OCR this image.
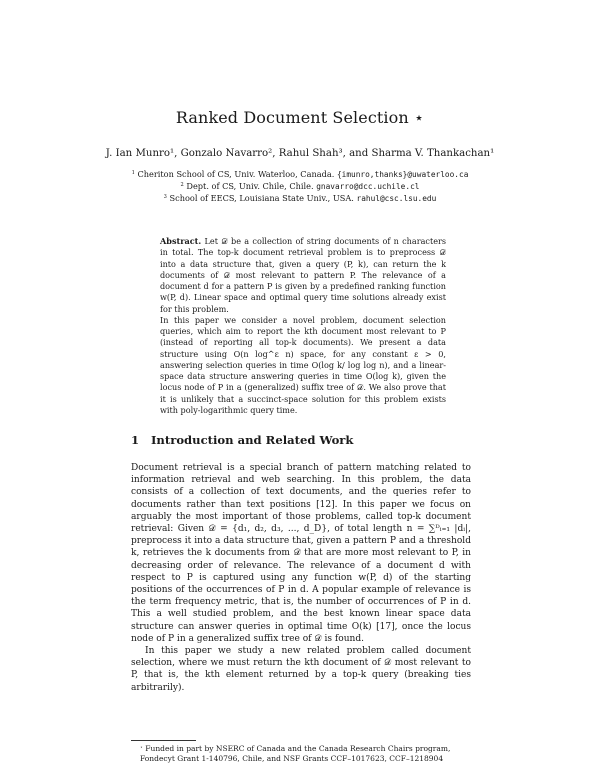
Ranked Document Selection ⋆
J. Ian Munro¹, Gonzalo Navarro², Rahul Shah³, and Sharma V. Thankachan¹
$^1$ Cheriton School of CS, Univ. Waterloo, Canada. {imunro,thanks}@uwaterloo.ca
$^2$ Dept. of CS, Univ. Chile, Chile. gnavarro@dcc.uchile.cl
$^3$ School of EECS, Louisiana State Univ., USA. rahul@csc.lsu.edu

Abstract. Let 𝒟 be a collection of string documents of n characters in total. The top-k document retrieval problem is to preprocess 𝒟 into a data structure that, given a query (P, k), can return the k documents of 𝒟 most relevant to pattern P. The relevance of a document d for a pattern P is given by a predefined ranking function w(P, d). Linear space and optimal query time solutions already exist for this problem.

In this paper we consider a novel problem, document selection queries, which aim to report the kth document most relevant to P (instead of reporting all top-k documents). We present a data structure using O(n log^ε n) space, for any constant ε > 0, answering selection queries in time O(log k/ log log n), and a linear-space data structure answering queries in time O(log k), given the locus node of P in a (generalized) suffix tree of 𝒟. We also prove that it is unlikely that a succinct-space solution for this problem exists with poly-logarithmic query time.

1 Introduction and Related Work

Document retrieval is a special branch of pattern matching related to information retrieval and web searching. In this problem, the data consists of a collection of text documents, and the queries refer to documents rather than text positions [12]. In this paper we focus on arguably the most important of those problems, called top-k document retrieval: Given 𝒟 = {d₁, d₂, d₃, ..., d_D}, of total length n = ∑ᴰᵢ₌₁ |dᵢ|, preprocess it into a data structure that, given a pattern P and a threshold k, retrieves the k documents from 𝒟 that are more most relevant to P, in decreasing order of relevance. The relevance of a document d with respect to P is captured using any function w(P, d) of the starting positions of the occurrences of P in d. A popular example of relevance is the term frequency metric, that is, the number of occurrences of P in d. This a well studied problem, and the best known linear space data structure can answer queries in optimal time O(k) [17], once the locus node of P in a generalized suffix tree of 𝒟 is found.

In this paper we study a new related problem called document selection, where we must return the kth document of 𝒟 most relevant to P, that is, the kth element returned by a top-k query (breaking ties arbitrarily).

⋆ Funded in part by NSERC of Canada and the Canada Research Chairs program, Fondecyt Grant 1-140796, Chile, and NSF Grants CCF–1017623, CCF–1218904
